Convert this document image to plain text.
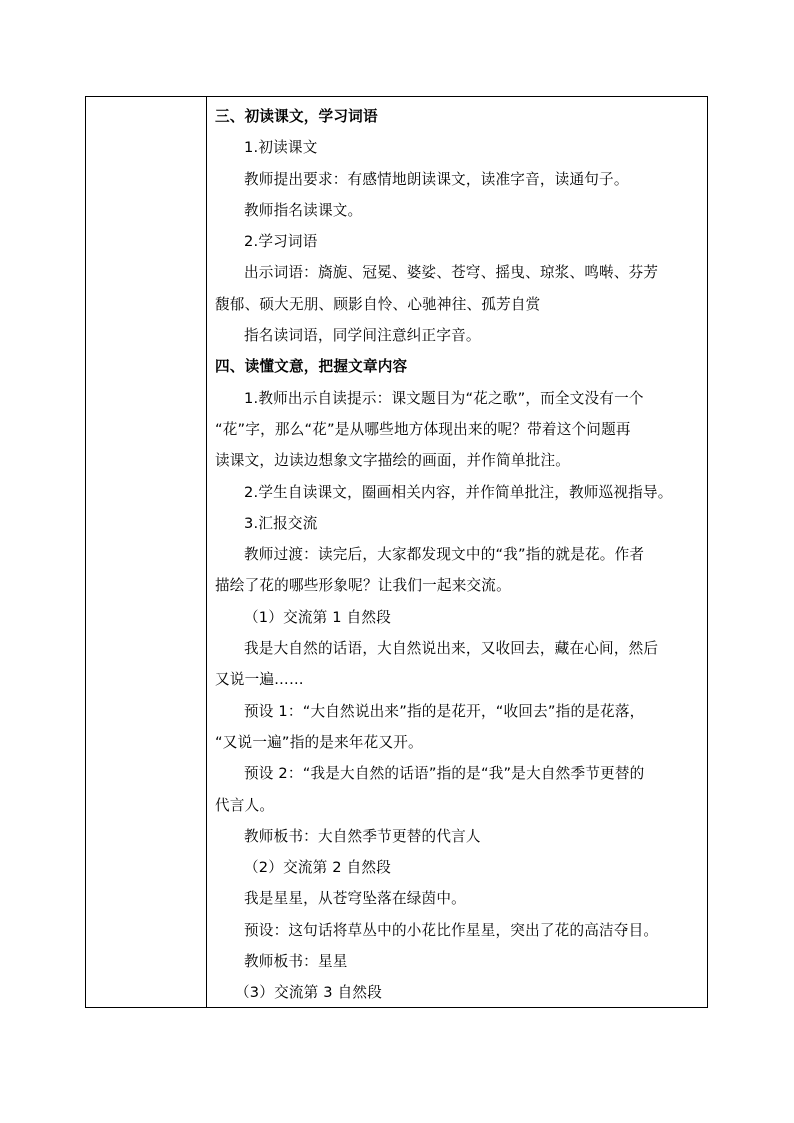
三、初读课文，学习词语
1.初读课文
教师提出要求：有感情地朗读课文，读准字音，读通句子。
教师指名读课文。
2.学习词语
出示词语：旖旎、冠冕、婆娑、苍穹、摇曳、琼浆、鸣啭、芬芳
馥郁、硕大无朋、顾影自怜、心驰神往、孤芳自赏
指名读词语，同学间注意纠正字音。
四、读懂文意，把握文章内容
1.教师出示自读提示：课文题目为“花之歌”，而全文没有一个
“花”字，那么“花”是从哪些地方体现出来的呢？带着这个问题再
读课文，边读边想象文字描绘的画面，并作简单批注。
2.学生自读课文，圈画相关内容，并作简单批注，教师巡视指导。
3.汇报交流
教师过渡：读完后，大家都发现文中的“我”指的就是花。作者
描绘了花的哪些形象呢？让我们一起来交流。
（1）交流第 1 自然段
我是大自然的话语，大自然说出来，又收回去，藏在心间，然后
又说一遍……
预设 1：“大自然说出来”指的是花开，“收回去”指的是花落，
“又说一遍”指的是来年花又开。
预设 2：“我是大自然的话语”指的是“我”是大自然季节更替的
代言人。
教师板书：大自然季节更替的代言人
（2）交流第 2 自然段
我是星星，从苍穹坠落在绿茵中。
预设：这句话将草丛中的小花比作星星，突出了花的高洁夺目。
教师板书：星星
（3）交流第 3 自然段
